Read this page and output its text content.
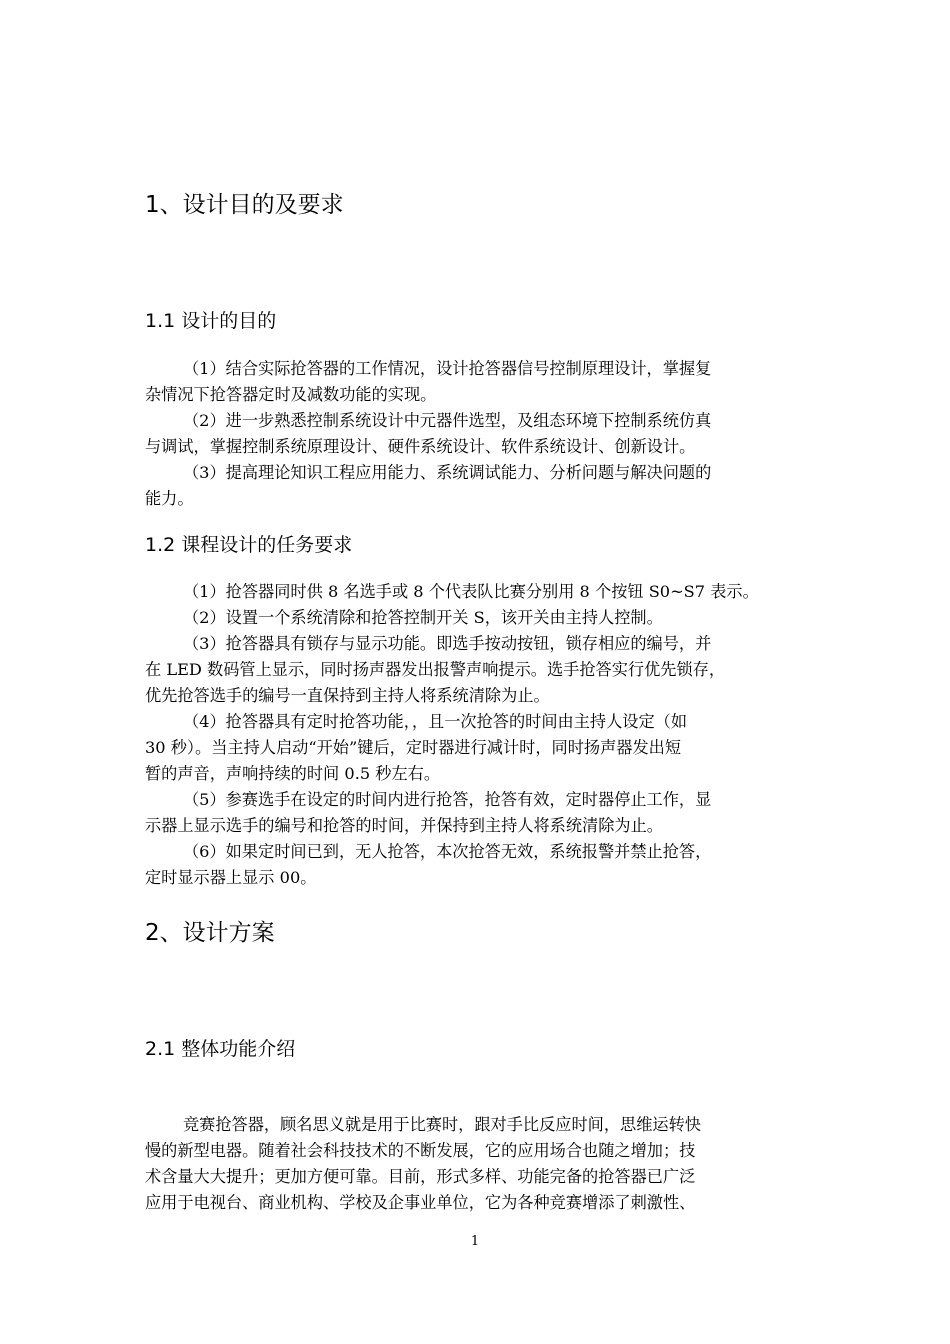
1、设计目的及要求
1.1 设计的目的
（1）结合实际抢答器的工作情况，设计抢答器信号控制原理设计，掌握复
杂情况下抢答器定时及减数功能的实现。
（2）进一步熟悉控制系统设计中元器件选型，及组态环境下控制系统仿真
与调试，掌握控制系统原理设计、硬件系统设计、软件系统设计、创新设计。
（3）提高理论知识工程应用能力、系统调试能力、分析问题与解决问题的
能力。
1.2 课程设计的任务要求
（1）抢答器同时供 8 名选手或 8 个代表队比赛分别用 8 个按钮 S0~S7 表示。
（2）设置一个系统清除和抢答控制开关 S，该开关由主持人控制。
（3）抢答器具有锁存与显示功能。即选手按动按钮，锁存相应的编号，并
在 LED 数码管上显示，同时扬声器发出报警声响提示。选手抢答实行优先锁存，
优先抢答选手的编号一直保持到主持人将系统清除为止。
（4）抢答器具有定时抢答功能，，且一次抢答的时间由主持人设定（如
30 秒）。当主持人启动“开始”键后，定时器进行减计时，同时扬声器发出短
暂的声音，声响持续的时间 0.5 秒左右。
（5）参赛选手在设定的时间内进行抢答，抢答有效，定时器停止工作，显
示器上显示选手的编号和抢答的时间，并保持到主持人将系统清除为止。
（6）如果定时间已到，无人抢答，本次抢答无效，系统报警并禁止抢答，
定时显示器上显示 00。
2、设计方案
2.1 整体功能介绍
竞赛抢答器，顾名思义就是用于比赛时，跟对手比反应时间，思维运转快
慢的新型电器。随着社会科技技术的不断发展，它的应用场合也随之增加；技
术含量大大提升；更加方便可靠。目前，形式多样、功能完备的抢答器已广泛
应用于电视台、商业机构、学校及企事业单位，它为各种竞赛增添了刺激性、
1
